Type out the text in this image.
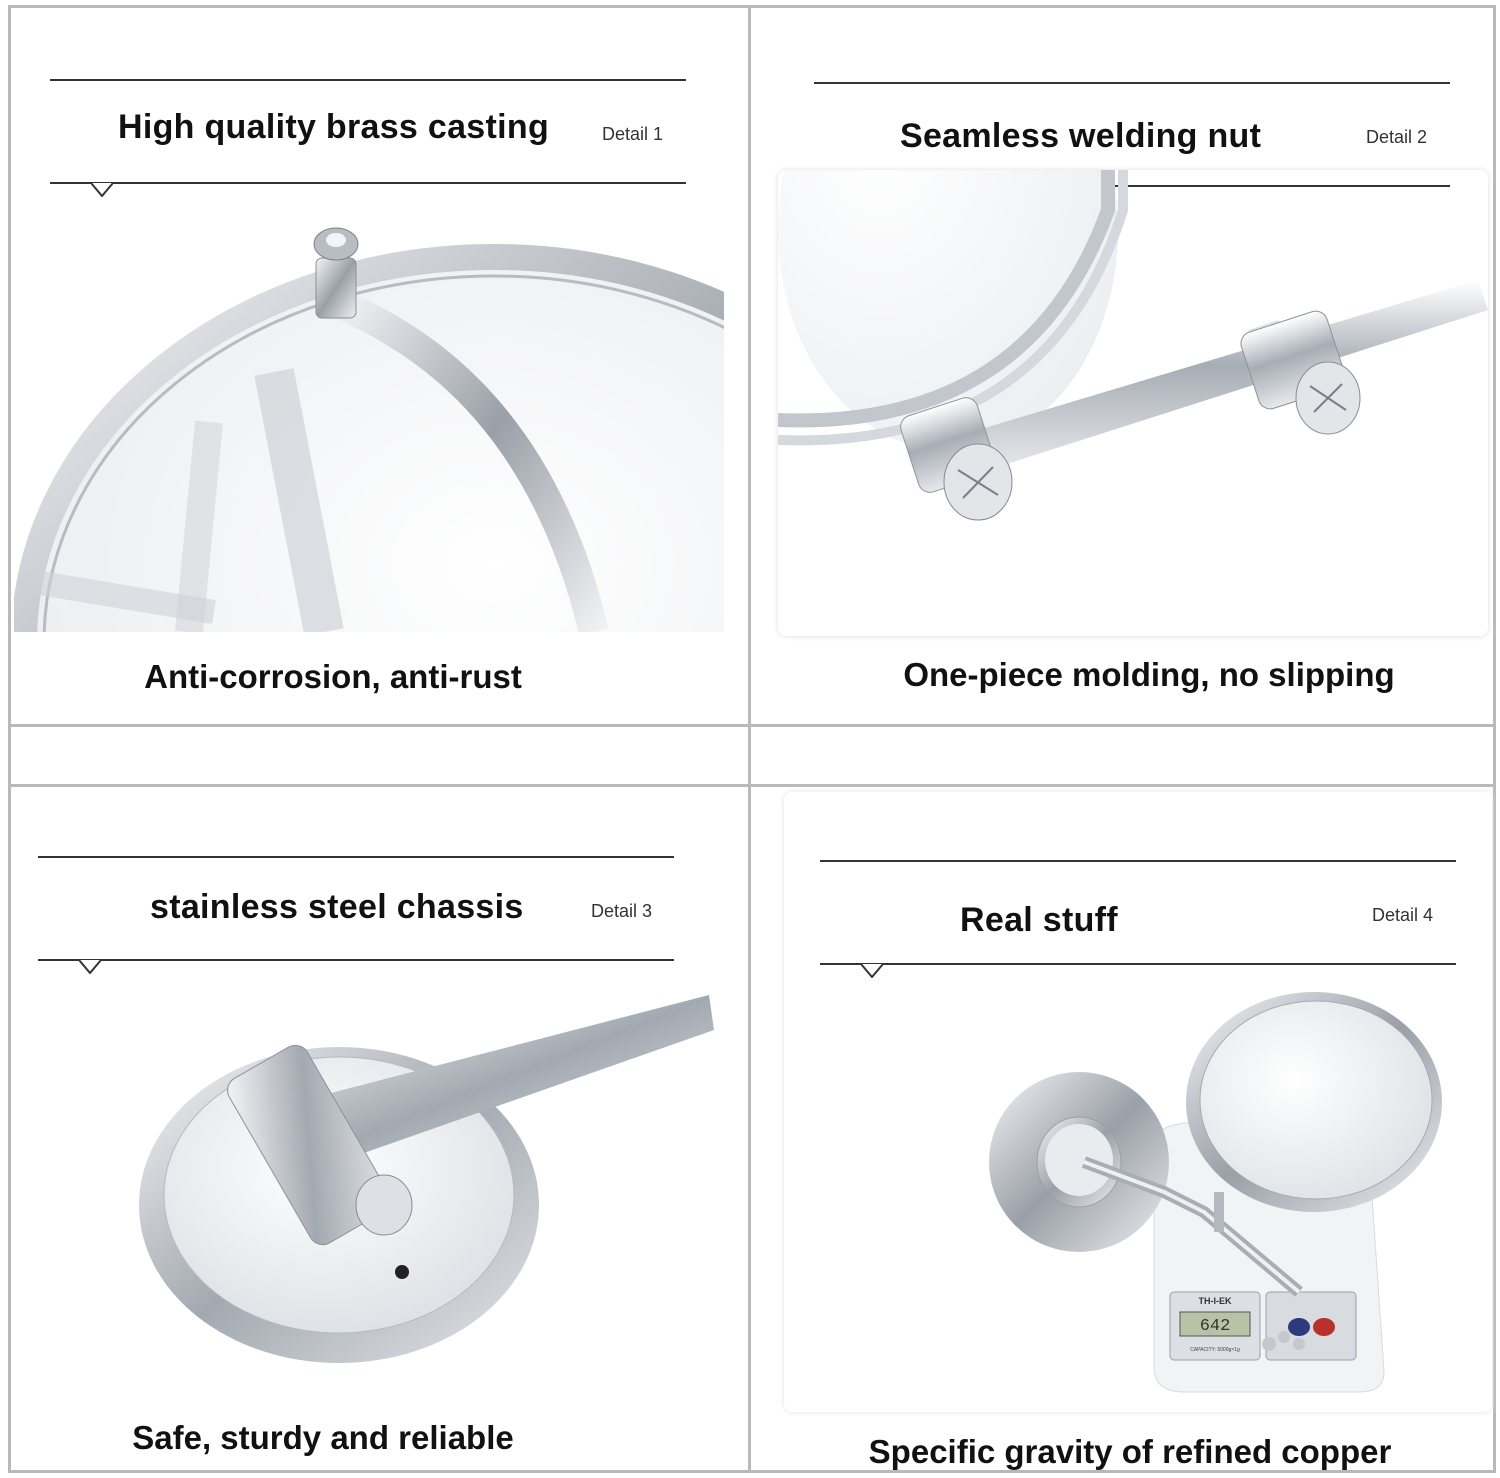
High quality brass casting	Detail 1
Anti-corrosion, anti-rust
Seamless welding nut	Detail 2
One-piece molding, no slipping
stainless steel chassis	Detail 3
Safe, sturdy and reliable
Real stuff	Detail 4
TH-I-EK
642
CAPACITY: 5000g×1g
Specific gravity of refined copper
